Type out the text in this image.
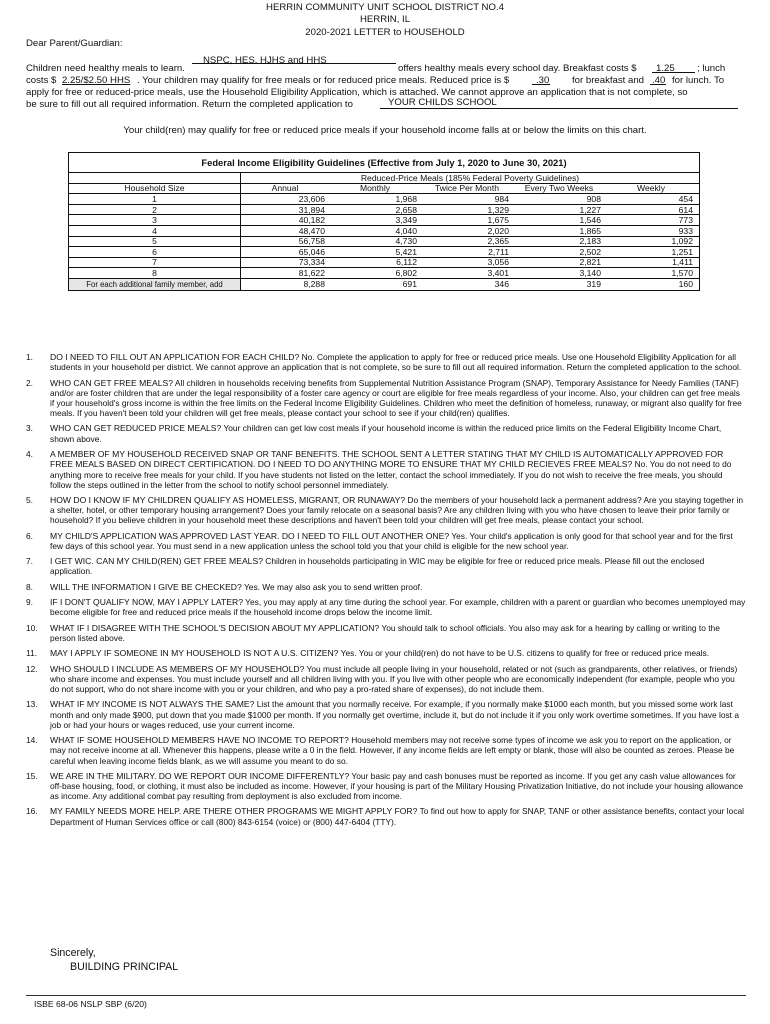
HERRIN COMMUNITY UNIT SCHOOL DISTRICT NO.4
HERRIN, IL
2020-2021 LETTER to HOUSEHOLD
Dear Parent/Guardian:
NSPC, HES, HJHS and HHS
Children need healthy meals to learn.	offers healthy meals every school day. Breakfast costs $ 1.25 ; lunch
costs $ 2.25/$2.50 HHS . Your children may qualify for free meals or for reduced price meals. Reduced price is $	.30 for breakfast and .40 for lunch. To
apply for free or reduced-price meals, use the Household Eligibility Application, which is attached. We cannot approve an application that is not complete, so
be sure to fill out all required information. Return the completed application to	YOUR CHILDS SCHOOL
Your child(ren) may qualify for free or reduced price meals if your household income falls at or below the limits on this chart.
Federal Income Eligibility Guidelines (Effective from July 1, 2020 to June 30, 2021)
Reduced-Price Meals (185% Federal Poverty Guidelines)
Household Size	Annual	Monthly	Twice Per Month	Every Two Weeks	Weekly
1	23,606	1,968	984	908	454
2	31,894	2,658	1,329	1,227	614
3	40,182	3,349	1,675	1,546	773
4	48,470	4,040	2,020	1,865	933
5	56,758	4,730	2,365	2,183	1,092
6	65,046	5,421	2,711	2,502	1,251
7	73,334	6,112	3,056	2,821	1,411
8	81,622	6,802	3,401	3,140	1,570
For each additional family member, add	8,288	691	346	319	160
1.	DO I NEED TO FILL OUT AN APPLICATION FOR EACH CHILD? No. Complete the application to apply for free or reduced price meals. Use one Household Eligibility Application for all students in your household per district. We cannot approve an application that is not complete, so be sure to fill out all required information. Return the completed application to the school.
2.	WHO CAN GET FREE MEALS? All children in households receiving benefits from Supplemental Nutrition Assistance Program (SNAP), Temporary Assistance for Needy Families (TANF) and/or are foster children that are under the legal responsibility of a foster care agency or court are eligible for free meals regardless of your income. Also, your children can get free meals if your household's gross income is within the free limits on the Federal Income Eligibility Guidelines. Children who meet the definition of homeless, runaway, or migrant also qualify for free meals. If you haven't been told your children will get free meals, please contact your school to see if your child(ren) qualifies.
3.	WHO CAN GET REDUCED PRICE MEALS? Your children can get low cost meals if your household income is within the reduced price limits on the Federal Eligibility Income Chart, shown above.
4.	A MEMBER OF MY HOUSEHOLD RECEIVED SNAP OR TANF BENEFITS. THE SCHOOL SENT A LETTER STATING THAT MY CHILD IS AUTOMATICALLY APPROVED FOR FREE MEALS BASED ON DIRECT CERTIFICATION. DO I NEED TO DO ANYTHING MORE TO ENSURE THAT MY CHILD RECIEVES FREE MEALS? No. You do not need to do anything more to receive free meals for your child. If you have students not listed on the letter, contact the school immediately. If you do not wish to receive the free meals, you should follow the steps outlined in the letter from the school to notify school personnel immediately.
5.	HOW DO I KNOW IF MY CHILDREN QUALIFY AS HOMELESS, MIGRANT, OR RUNAWAY? Do the members of your household lack a permanent address? Are you staying together in a shelter, hotel, or other temporary housing arrangement? Does your family relocate on a seasonal basis? Are any children living with you who have chosen to leave their prior family or household? If you believe children in your household meet these descriptions and haven't been told your children will get free meals, please contact your school.
6.	MY CHILD'S APPLICATION WAS APPROVED LAST YEAR. DO I NEED TO FILL OUT ANOTHER ONE? Yes. Your child's application is only good for that school year and for the first few days of this school year. You must send in a new application unless the school told you that your child is eligible for the new school year.
7.	I GET WIC. CAN MY CHILD(REN) GET FREE MEALS? Children in households participating in WIC may be eligible for free or reduced price meals. Please fill out the enclosed application.
8.	WILL THE INFORMATION I GIVE BE CHECKED? Yes. We may also ask you to send written proof.
9.	IF I DON'T QUALIFY NOW, MAY I APPLY LATER? Yes, you may apply at any time during the school year. For example, children with a parent or guardian who becomes unemployed may become eligible for free and reduced price meals if the household income drops below the income limit.
10.	WHAT IF I DISAGREE WITH THE SCHOOL'S DECISION ABOUT MY APPLICATION? You should talk to school officials. You also may ask for a hearing by calling or writing to the person listed above.
11.	MAY I APPLY IF SOMEONE IN MY HOUSEHOLD IS NOT A U.S. CITIZEN? Yes. You or your child(ren) do not have to be U.S. citizens to qualify for free or reduced price meals.
12.	WHO SHOULD I INCLUDE AS MEMBERS OF MY HOUSEHOLD? You must include all people living in your household, related or not (such as grandparents, other relatives, or friends) who share income and expenses. You must include yourself and all children living with you. If you live with other people who are economically independent (for example, people who you do not support, who do not share income with you or your children, and who pay a pro-rated share of expenses), do not include them.
13.	WHAT IF MY INCOME IS NOT ALWAYS THE SAME? List the amount that you normally receive. For example, if you normally make $1000 each month, but you missed some work last month and only made $900, put down that you made $1000 per month. If you normally get overtime, include it, but do not include it if you only work overtime sometimes. If you have lost a job or had your hours or wages reduced, use your current income.
14.	WHAT IF SOME HOUSEHOLD MEMBERS HAVE NO INCOME TO REPORT? Household members may not receive some types of income we ask you to report on the application, or may not receive income at all. Whenever this happens, please write a 0 in the field. However, if any income fields are left empty or blank, those will also be counted as zeroes. Please be careful when leaving income fields blank, as we will assume you meant to do so.
15.	WE ARE IN THE MILITARY. DO WE REPORT OUR INCOME DIFFERENTLY? Your basic pay and cash bonuses must be reported as income. If you get any cash value allowances for off-base housing, food, or clothing, it must also be included as income. However, if your housing is part of the Military Housing Privatization Initiative, do not include your housing allowance as income. Any additional combat pay resulting from deployment is also excluded from income.
16.	MY FAMILY NEEDS MORE HELP. ARE THERE OTHER PROGRAMS WE MIGHT APPLY FOR? To find out how to apply for SNAP, TANF or other assistance benefits, contact your local Department of Human Services office or call (800) 843-6154 (voice) or (800) 447-6404 (TTY).
Sincerely,
BUILDING PRINCIPAL
ISBE 68-06 NSLP SBP (6/20)
